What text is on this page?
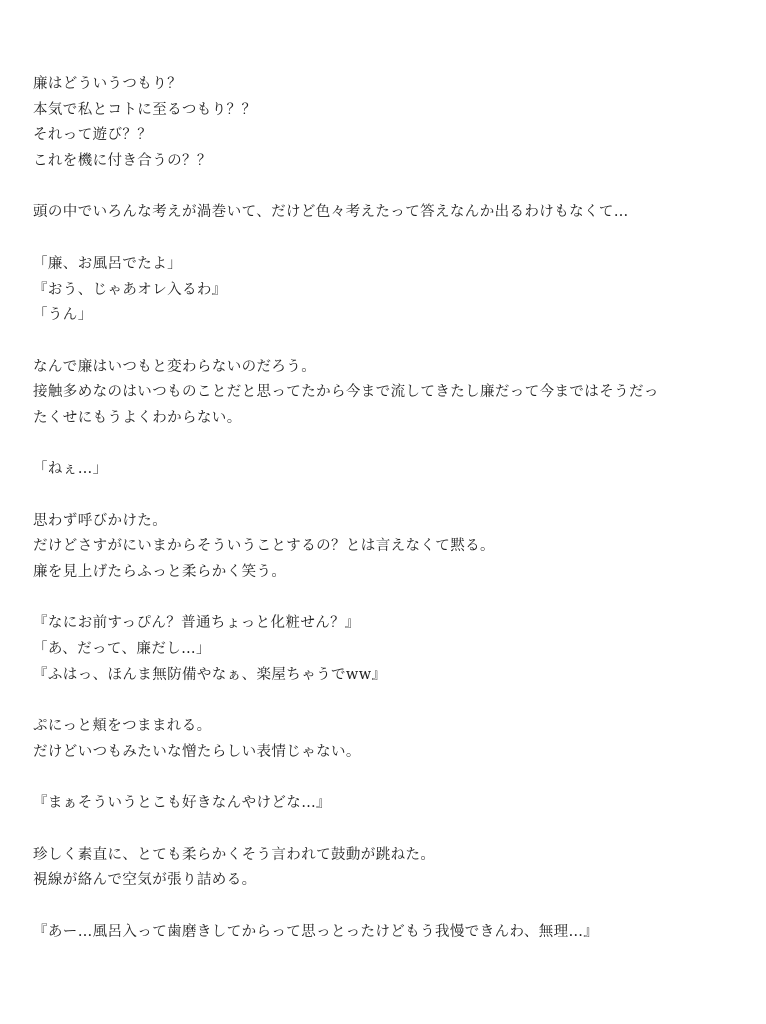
廉はどういうつもり？
本気で私とコトに至るつもり？？
それって遊び？？
これを機に付き合うの？？
頭の中でいろんな考えが渦巻いて、だけど色々考えたって答えなんか出るわけもなくて…
「廉、お風呂でたよ」
『おう、じゃあオレ入るわ』
「うん」
なんで廉はいつもと変わらないのだろう。
接触多めなのはいつものことだと思ってたから今まで流してきたし廉だって今まではそうだっ
たくせにもうよくわからない。
「ねぇ…」
思わず呼びかけた。
だけどさすがにいまからそういうことするの？とは言えなくて黙る。
廉を見上げたらふっと柔らかく笑う。
『なにお前すっぴん？普通ちょっと化粧せん？』
「あ、だって、廉だし…」
『ふはっ、ほんま無防備やなぁ、楽屋ちゃうでww』
ぷにっと頬をつままれる。
だけどいつもみたいな憎たらしい表情じゃない。
『まぁそういうとこも好きなんやけどな…』
珍しく素直に、とても柔らかくそう言われて鼓動が跳ねた。
視線が絡んで空気が張り詰める。
『あー…風呂入って歯磨きしてからって思っとったけどもう我慢できんわ、無理…』
